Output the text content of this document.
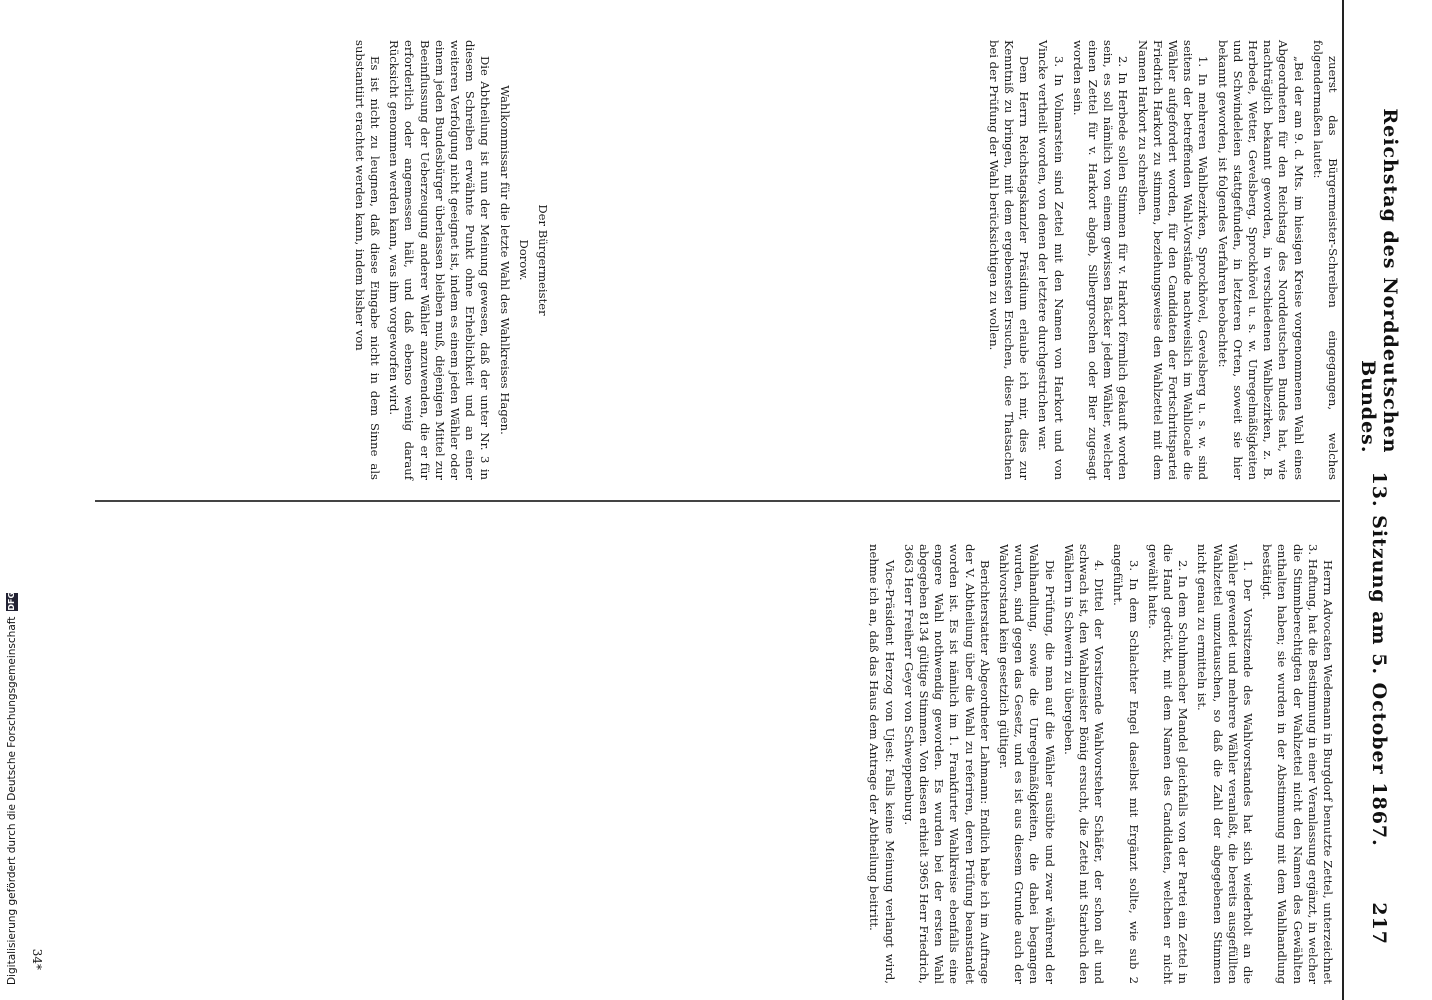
Reichstag des Norddeutschen Bundes.
13. Sitzung am 5. October 1867.
217

Herrn Advocaten Wedemann in Burgdorf benutzte Zettel, unterzeichnet 3. Haftung, hat die Bestimmung in einer Veranlassung ergänzt, in welcher die Stimmberechtigten der Wahlzettel nicht den Namen des Gewählten enthalten haben; sie wurden in der Abstimmung mit dem Wahlhandlung bestätigt.

1. Der Vorsitzende des Wahlvorstandes hat sich wiederholt an die Wähler gewendet und mehrere Wähler veranlaßt, die bereits ausgefüllten Wahlzettel umzutauschen, so daß die Zahl der abgegebenen Stimmen nicht genau zu ermitteln ist.

2. In dem Schuhmacher Mandel gleichfalls von der Partei ein Zettel in die Hand gedrückt, mit dem Namen des Candidaten, welchen er nicht gewählt hatte.

3. In dem Schlachter Engel daselbst mit Ergänzt sollte, wie sub 2 angeführt.

4. Dittel der Vorsitzende Wahlvorsteher Schäfer, der schon alt und schwach ist, den Wahlmeister Bönig ersucht, die Zettel mit Starbuch den Wählern in Schwerin zu übergeben.

Die Prüfung, die man auf die Wähler ausübte und zwar während der Wahlhandlung, sowie die Unregelmäßigkeiten, die dabei begangen wurden, sind gegen das Gesetz, und es ist aus diesem Grunde auch der Wahlvorstand kein gesetzlich gültiger.

Berichterstatter Abgeordneter Lahmann: Endlich habe ich im Auftrage der V. Abtheilung über die Wahl zu referiren, deren Prüfung beanstandet worden ist. Es ist nämlich im 1. Frankfurter Wahlkreise ebenfalls eine engere Wahl nothwendig geworden. Es wurden bei der ersten Wahl abgegeben 8134 gültige Stimmen. Von diesen erhielt 3965 Herr Friedrich, 3663 Herr Freiherr Geyer von Schweppenburg.

Vice-Präsident Herzog von Ujest: Falls keine Meinung verlangt wird, nehme ich an, daß das Haus dem Antrage der Abtheilung beitritt.

zuerst das Bürgermeister-Schreiben eingegangen, welches folgendermaßen lautet:

„Bei der am 9. d. Mts. im hiesigen Kreise vorgenommenen Wahl eines Abgeordneten für den Reichstag des Norddeutschen Bundes hat, wie nachträglich bekannt geworden, in verschiedenen Wahlbezirken, z. B. Herbede, Wetter, Gevelsberg, Sprockhövel u. s. w. Unregelmäßigkeiten und Schwindeleien stattgefunden, in letzteren Orten, soweit sie hier bekannt geworden, ist folgendes Verfahren beobachtet:

1. In mehreren Wahlbezirken, Sprockhövel, Gevelsberg u. s. w. sind seitens der betreffenden Wahl-Vorstände nachweislich im Wahllocale die Wähler aufgefordert worden, für den Candidaten der Fortschrittspartei Friedrich Harkort zu stimmen, beziehungsweise den Wahlzettel mit dem Namen Harkort zu schreiben.

2. In Herbede sollen Stimmen für v. Harkort förmlich gekauft worden sein, es soll nämlich von einem gewissen Bäcker jedem Wähler, welcher einen Zettel für v. Harkort abgab, Silbergroschen oder Bier zugesagt worden sein.

3. In Volmarstein sind Zettel mit den Namen von Harkort und von Vincke vertheilt worden, von denen der letztere durchgestrichen war.

Dem Herrn Reichstagskanzler Präsidium erlaube ich mir, dies zur Kenntniß zu bringen, mit dem ergebensten Ersuchen, diese Thatsachen bei der Prüfung der Wahl berücksichtigen zu wollen.

Der Bürgermeister

Dorow.

Wahlkommissar für die letzte Wahl des Wahlkreises Hagen.

Die Abtheilung ist nun der Meinung gewesen, daß der unter Nr. 3 in diesem Schreiben erwähnte Punkt ohne Erheblichkeit und an einer weiteren Verfolgung nicht geeignet ist, indem es einem jeden Wähler oder einem jeden Bundesbürger überlassen bleiben muß, diejenigen Mittel zur Beeinflussung der Ueberzeugung anderer Wähler anzuwenden, die er für erforderlich oder angemessen hält, und daß ebenso wenig darauf Rücksicht genommen werden kann, was ihm vorgeworfen wird.

Es ist nicht zu leugnen, daß diese Eingabe nicht in dem Sinne als substantiirt erachtet werden kann, indem bisher von

34*
Digitalisierung gefördert durch die Deutsche Forschungsgemeinschaft
DFG
